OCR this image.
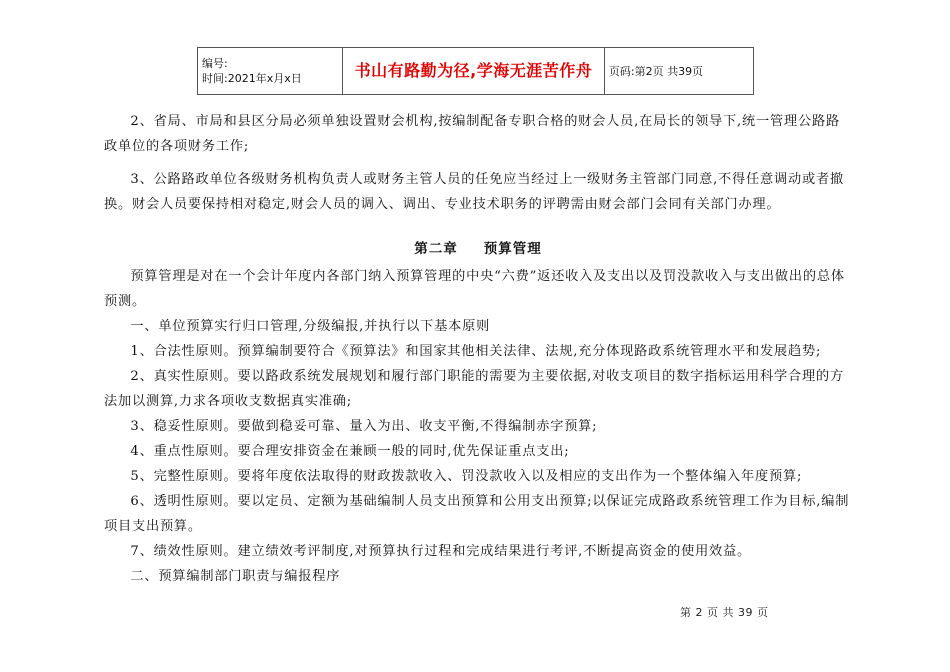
编号:
时间:2021年x月x日	书山有路勤为径,学海无涯苦作舟	页码:第2页 共39页

2、省局、市局和县区分局必须单独设置财会机构,按编制配备专职合格的财会人员,在局长的领导下,统一管理公路路政单位的各项财务工作;

3、公路路政单位各级财务机构负责人或财务主管人员的任免应当经过上一级财务主管部门同意,不得任意调动或者撤换。财会人员要保持相对稳定,财会人员的调入、调出、专业技术职务的评聘需由财会部门会同有关部门办理。

第二章 预算管理

预算管理是对在一个会计年度内各部门纳入预算管理的中央“六费”返还收入及支出以及罚没款收入与支出做出的总体预测。

一、单位预算实行归口管理,分级编报,并执行以下基本原则

1、合法性原则。预算编制要符合《预算法》和国家其他相关法律、法规,充分体现路政系统管理水平和发展趋势;

2、真实性原则。要以路政系统发展规划和履行部门职能的需要为主要依据,对收支项目的数字指标运用科学合理的方法加以测算,力求各项收支数据真实准确;

3、稳妥性原则。要做到稳妥可靠、量入为出、收支平衡,不得编制赤字预算;

4、重点性原则。要合理安排资金在兼顾一般的同时,优先保证重点支出;

5、完整性原则。要将年度依法取得的财政拨款收入、罚没款收入以及相应的支出作为一个整体编入年度预算;

6、透明性原则。要以定员、定额为基础编制人员支出预算和公用支出预算;以保证完成路政系统管理工作为目标,编制项目支出预算。

7、绩效性原则。建立绩效考评制度,对预算执行过程和完成结果进行考评,不断提高资金的使用效益。

二、预算编制部门职责与编报程序

第 2 页 共 39 页
